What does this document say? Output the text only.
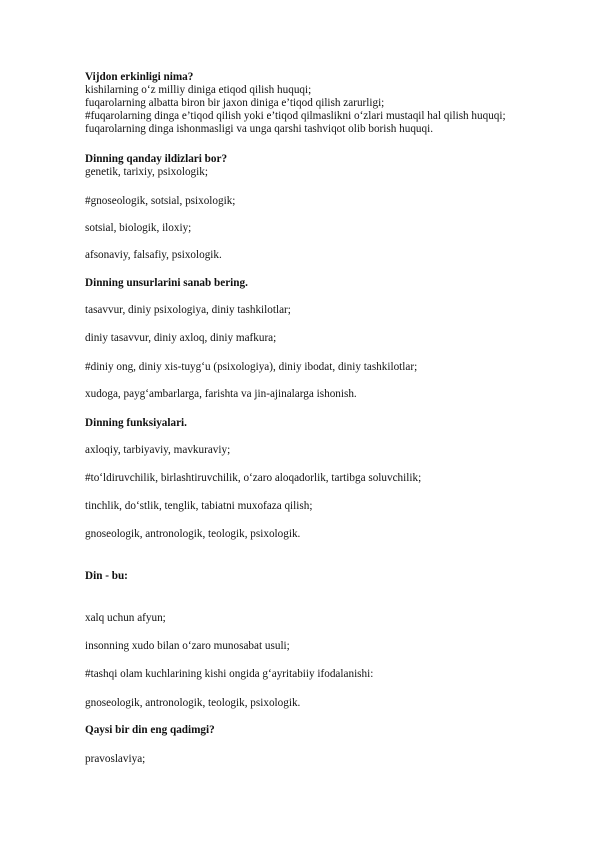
Vijdon erkinligi nima?
kishilarning o‘z milliy diniga etiqod qilish huquqi;
fuqarolarning albatta biron bir jaxon diniga e’tiqod qilish zarurligi;
#fuqarolarning dinga e’tiqod qilish yoki e’tiqod qilmaslikni o‘zlari mustaqil hal qilish huquqi;
fuqarolarning dinga ishonmasligi va unga qarshi tashviqot olib borish huquqi.
Dinning qanday ildizlari bor?
genetik, tarixiy, psixologik;
#gnoseologik, sotsial, psixologik;
sotsial, biologik, iloxiy;
afsonaviy, falsafiy, psixologik.
Dinning unsurlarini sanab bering.
tasavvur, diniy psixologiya, diniy tashkilotlar;
diniy tasavvur, diniy axloq, diniy mafkura;
#diniy ong, diniy xis-tuyg‘u (psixologiya), diniy ibodat, diniy tashkilotlar;
xudoga, payg‘ambarlarga, farishta va jin-ajinalarga ishonish.
Dinning funksiyalari.
axloqiy, tarbiyaviy, mavkuraviy;
#to‘ldiruvchilik, birlashtiruvchilik, o‘zaro aloqadorlik, tartibga soluvchilik;
tinchlik, do‘stlik, tenglik, tabiatni muxofaza qilish;
gnoseologik, antronologik, teologik, psixologik.
Din - bu:
xalq uchun afyun;
insonning xudo bilan o‘zaro munosabat usuli;
#tashqi olam kuchlarining kishi ongida g‘ayritabiiy ifodalanishi:
gnoseologik, antronologik, teologik, psixologik.
Qaysi bir din eng qadimgi?
pravoslaviya;
